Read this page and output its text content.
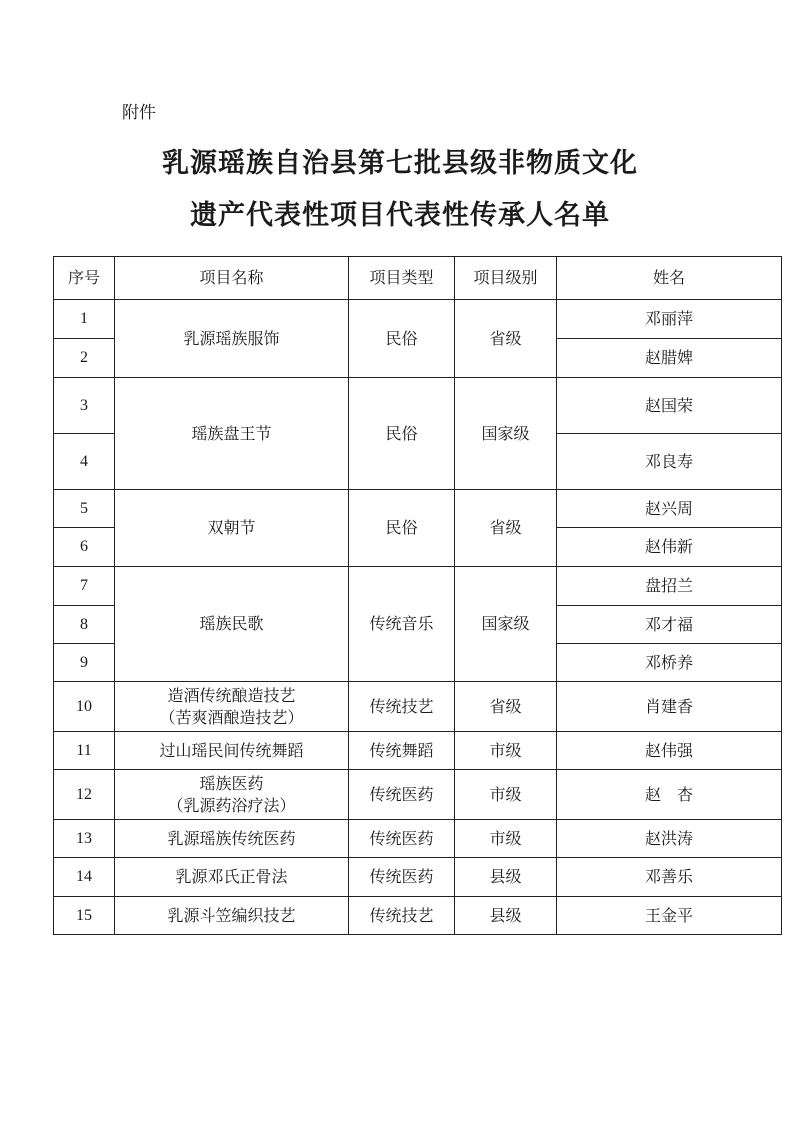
附件
乳源瑶族自治县第七批县级非物质文化
遗产代表性项目代表性传承人名单
序号	项目名称	项目类型	项目级别	姓名
1	乳源瑶族服饰	民俗	省级	邓丽萍
2				赵腊婢
3	瑶族盘王节	民俗	国家级	赵国荣
4				邓良寿
5	双朝节	民俗	省级	赵兴周
6				赵伟新
7	瑶族民歌	传统音乐	国家级	盘招兰
8				邓才福
9				邓桥养
10	造酒传统酿造技艺
（苦爽酒酿造技艺）	传统技艺	省级	肖建香
11	过山瑶民间传统舞蹈	传统舞蹈	市级	赵伟强
12	瑶族医药
（乳源药浴疗法）	传统医药	市级	赵　杏
13	乳源瑶族传统医药	传统医药	市级	赵洪涛
14	乳源邓氏正骨法	传统医药	县级	邓善乐
15	乳源斗笠编织技艺	传统技艺	县级	王金平
